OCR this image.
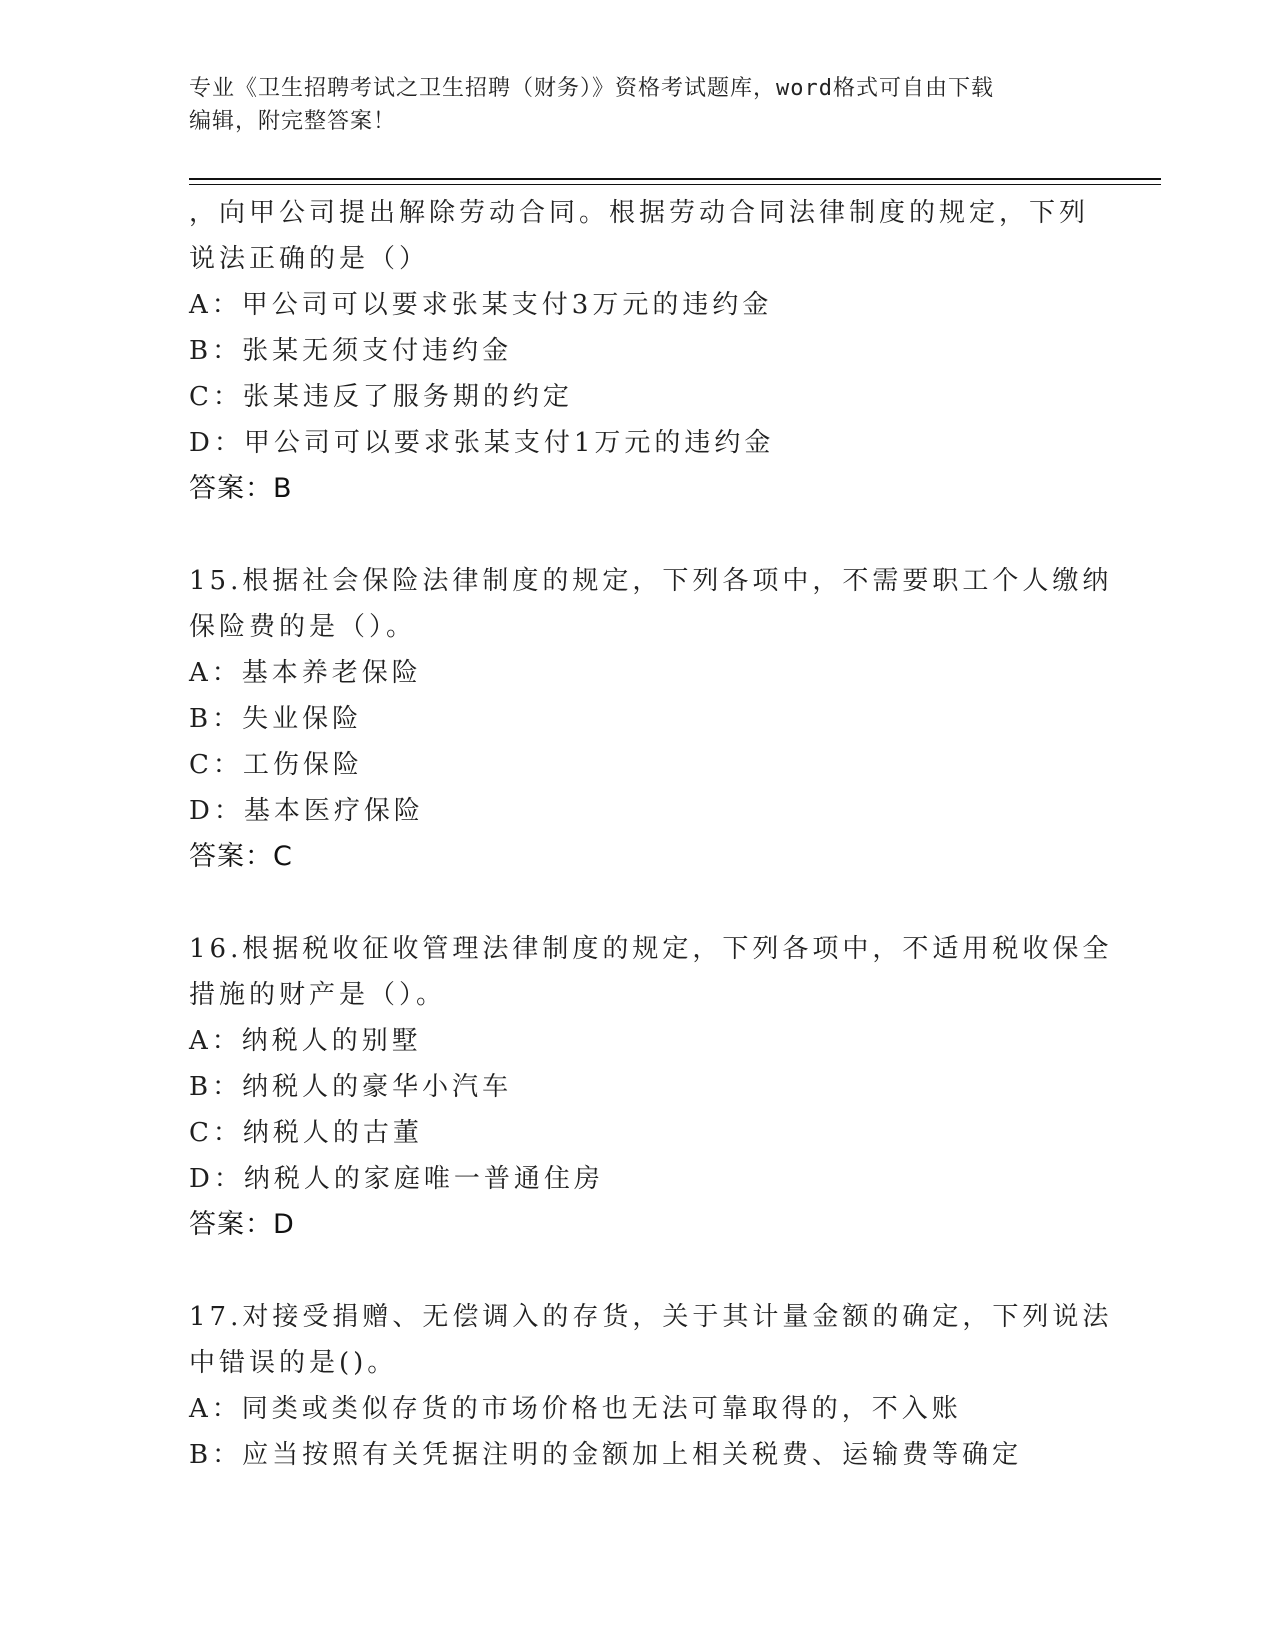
专业《卫生招聘考试之卫生招聘（财务）》资格考试题库，word格式可自由下载
编辑，附完整答案！
，向甲公司提出解除劳动合同。根据劳动合同法律制度的规定，下列
说法正确的是（）
A：甲公司可以要求张某支付3万元的违约金
B：张某无须支付违约金
C：张某违反了服务期的约定
D：甲公司可以要求张某支付1万元的违约金
答案：B
15.根据社会保险法律制度的规定，下列各项中，不需要职工个人缴纳
保险费的是（）。
A：基本养老保险
B：失业保险
C：工伤保险
D：基本医疗保险
答案：C
16.根据税收征收管理法律制度的规定，下列各项中，不适用税收保全
措施的财产是（）。
A：纳税人的别墅
B：纳税人的豪华小汽车
C：纳税人的古董
D：纳税人的家庭唯一普通住房
答案：D
17.对接受捐赠、无偿调入的存货，关于其计量金额的确定，下列说法
中错误的是()。
A：同类或类似存货的市场价格也无法可靠取得的，不入账
B：应当按照有关凭据注明的金额加上相关税费、运输费等确定
